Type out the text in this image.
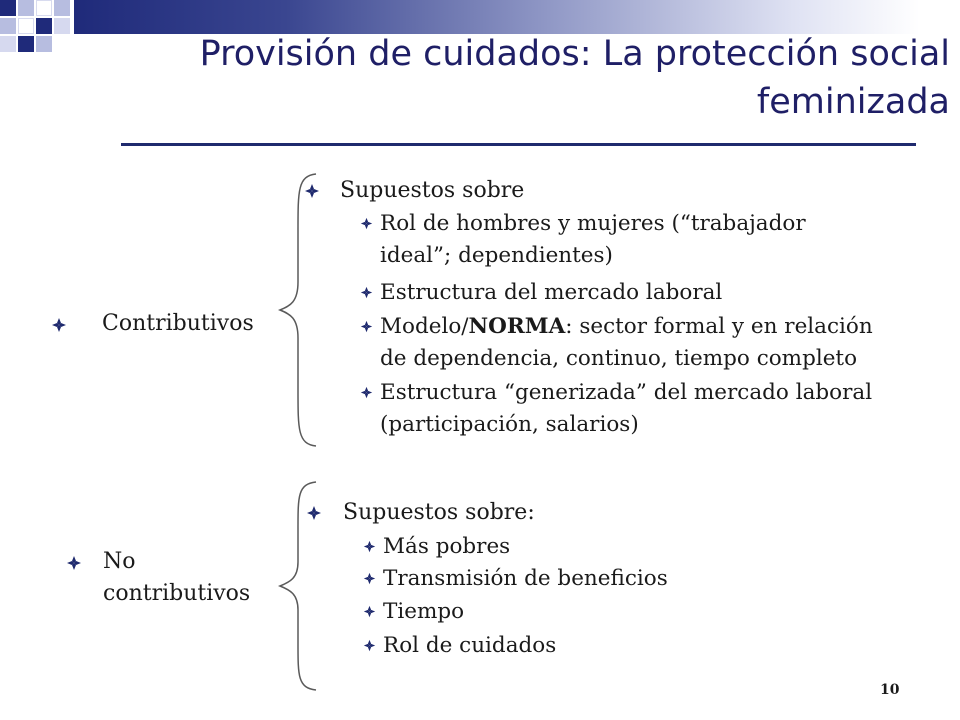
Provisión de cuidados: La protección social
feminizada
Contributivos
Supuestos sobre
Rol de hombres y mujeres (“trabajador
ideal”; dependientes)
Estructura del mercado laboral
Modelo/NORMA: sector formal y en relación
de dependencia, continuo, tiempo completo
Estructura “generizada” del mercado laboral
(participación, salarios)
No
contributivos
Supuestos sobre:
Más pobres
Transmisión de beneficios
Tiempo
Rol de cuidados
10
